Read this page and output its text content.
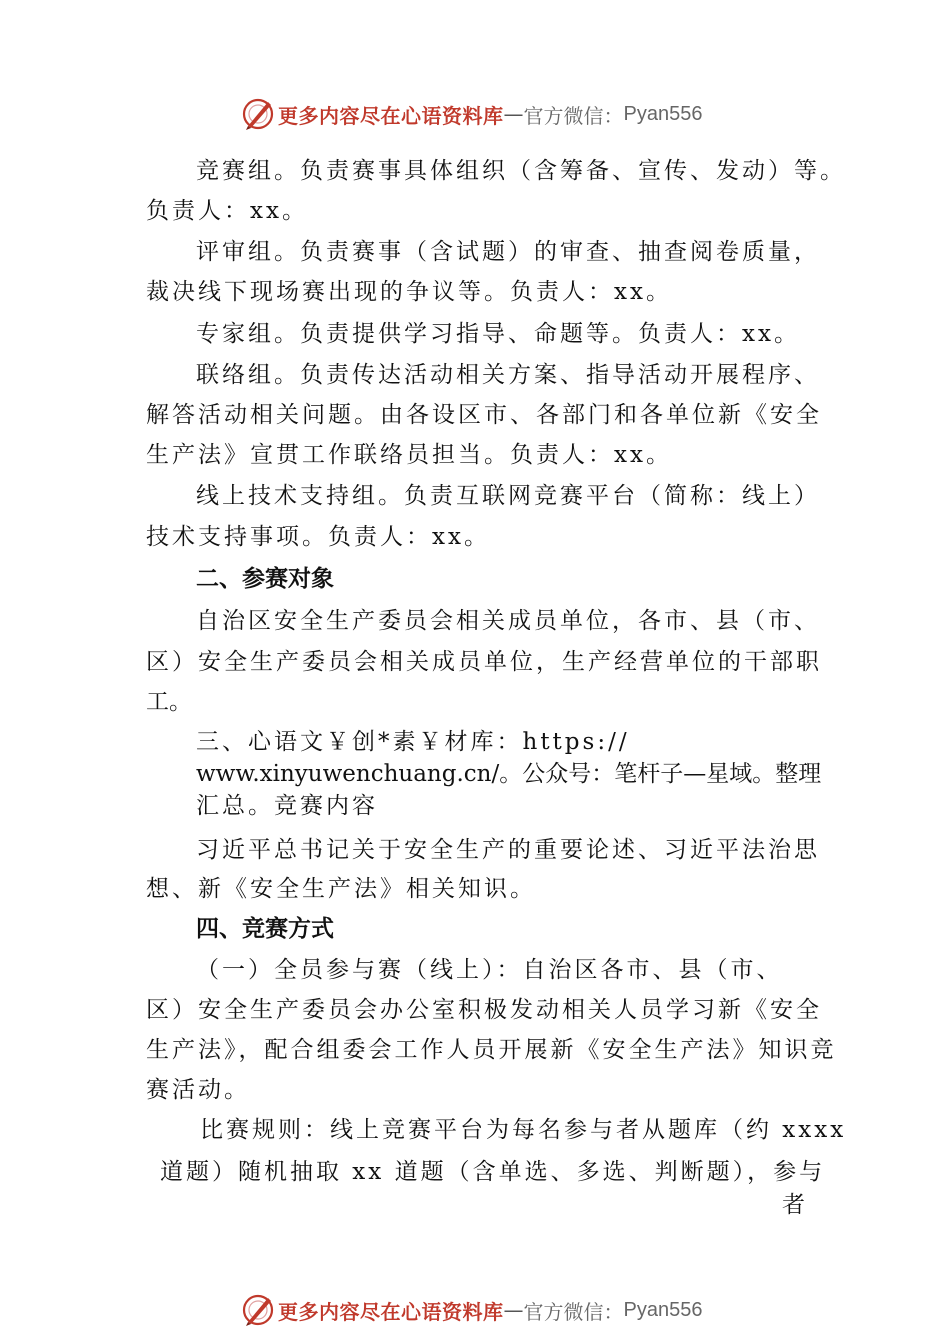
更多内容尽在心语资料库 — 官方微信： Pyan556
竞赛组。负责赛事具体组织（含筹备、宣传、发动）等。
负责人：xx。
评审组。负责赛事（含试题）的审查、抽查阅卷质量，
裁决线下现场赛出现的争议等。负责人：xx。
专家组。负责提供学习指导、命题等。负责人：xx。
联络组。负责传达活动相关方案、指导活动开展程序、
解答活动相关问题。由各设区市、各部门和各单位新《安全
生产法》宣贯工作联络员担当。负责人：xx。
线上技术支持组。负责互联网竞赛平台（简称：线上）
技术支持事项。负责人：xx。
二、参赛对象
自治区安全生产委员会相关成员单位，各市、县（市、
区）安全生产委员会相关成员单位，生产经营单位的干部职
工。
三、心语文￥创*素￥材库：https://
www.xinyuwenchuang.cn/。公众号：笔杆子—星域。整理
汇总。竞赛内容
习近平总书记关于安全生产的重要论述、习近平法治思
想、新《安全生产法》相关知识。
四、竞赛方式
（一）全员参与赛（线上）：自治区各市、县（市、
区）安全生产委员会办公室积极发动相关人员学习新《安全
生产法》，配合组委会工作人员开展新《安全生产法》知识竞
赛活动。
比赛规则：线上竞赛平台为每名参与者从题库（约 xxxx
道题）随机抽取 xx 道题（含单选、多选、判断题），参与
者
更多内容尽在心语资料库 — 官方微信： Pyan556
